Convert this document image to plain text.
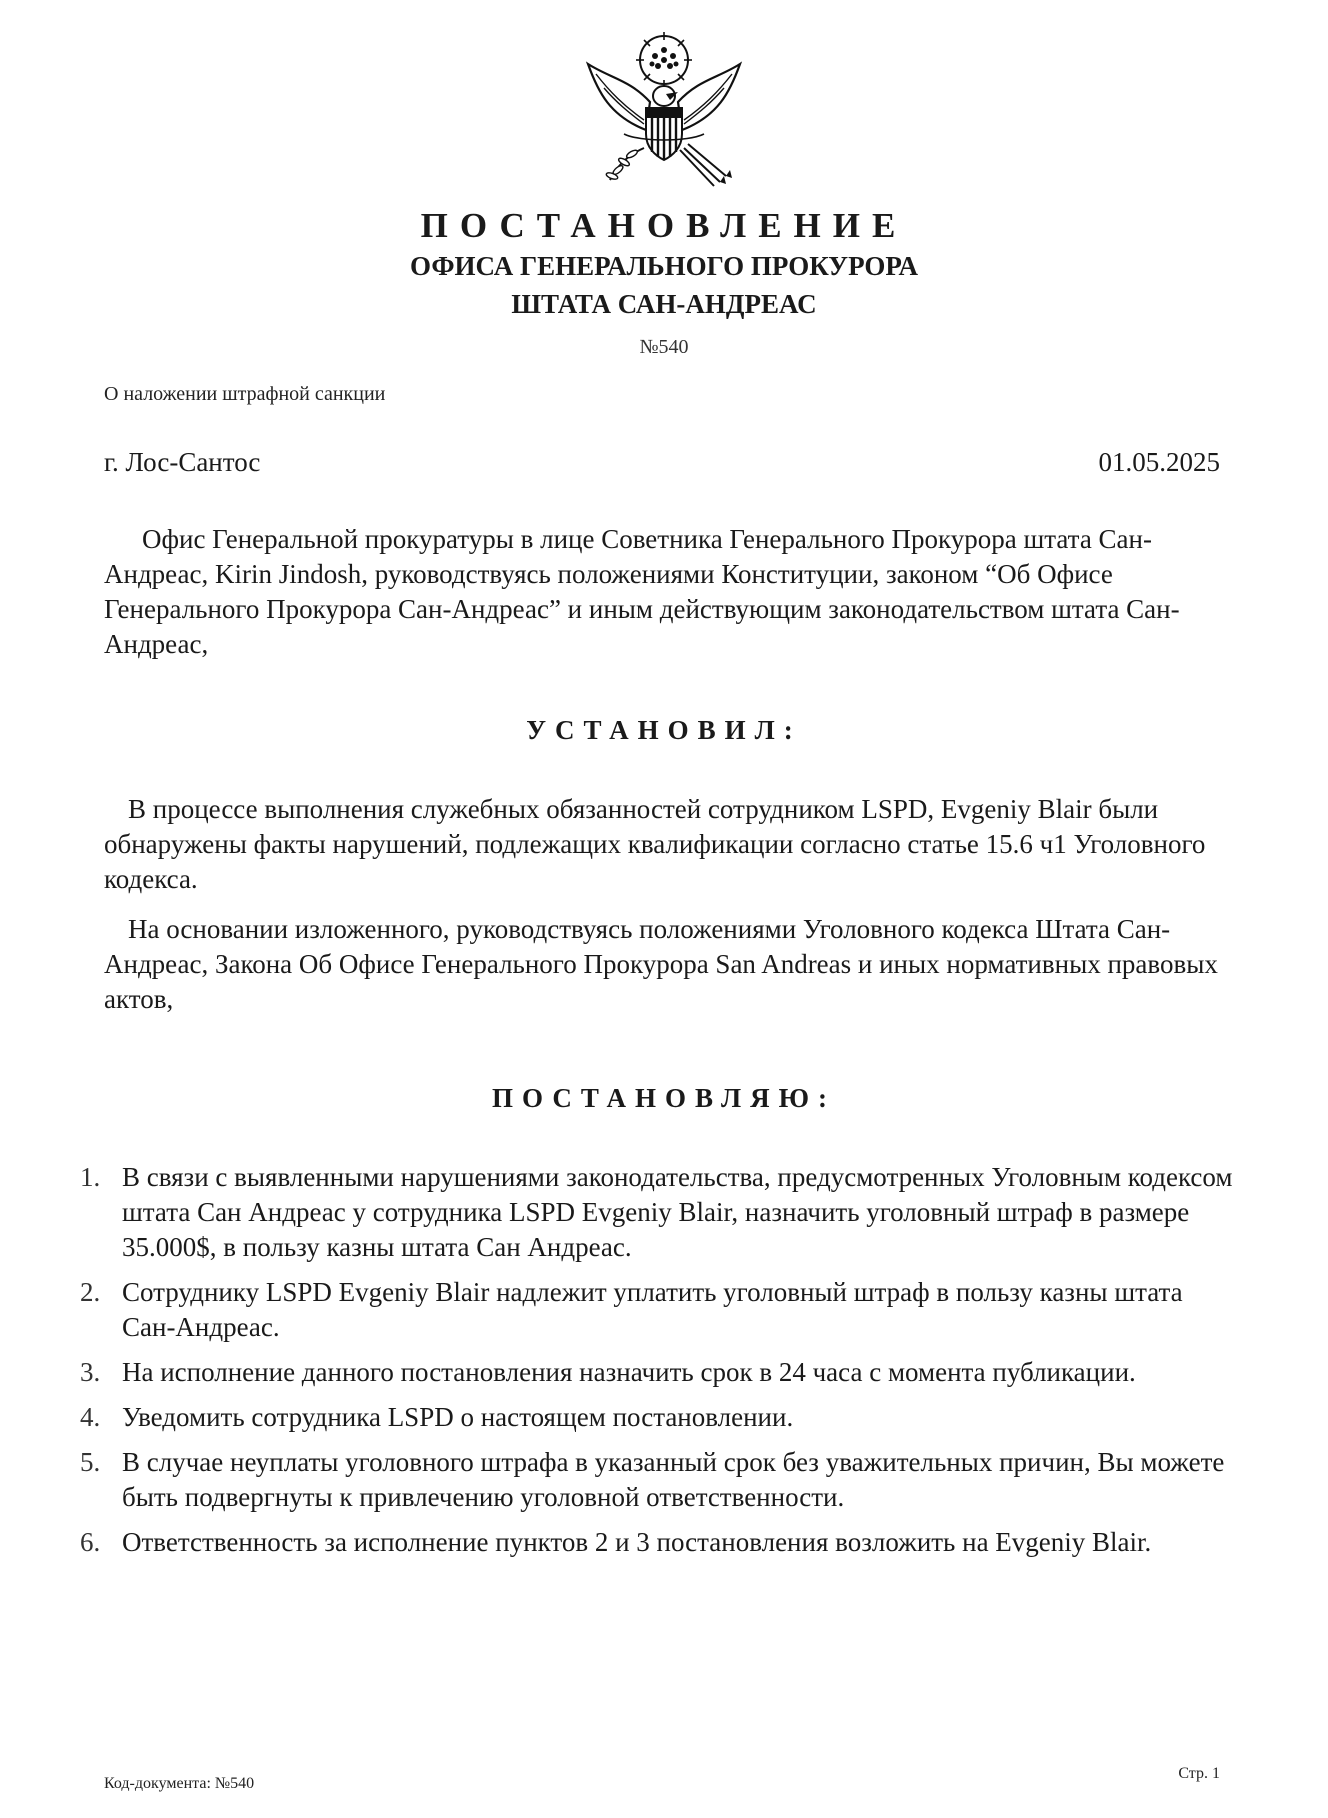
ПОСТАНОВЛЕНИЕ
ОФИСА ГЕНЕРАЛЬНОГО ПРОКУРОРА
ШТАТА САН-АНДРЕАС
№540
О наложении штрафной санкции
г. Лос-Сантос	01.05.2025

Офис Генеральной прокуратуры в лице Советника Генерального Прокурора штата Сан-Андреас, Kirin Jindosh, руководствуясь положениями Конституции, законом “Об Офисе Генерального Прокурора Сан-Андреас” и иным действующим законодательством штата Сан-Андреас,

УСТАНОВИЛ:

В процессе выполнения служебных обязанностей сотрудником LSPD, Evgeniy Blair были обнаружены факты нарушений, подлежащих квалификации согласно статье 15.6 ч1 Уголовного кодекса.

На основании изложенного, руководствуясь положениями Уголовного кодекса Штата Сан-Андреас, Закона Об Офисе Генерального Прокурора San Andreas и иных нормативных правовых актов,

ПОСТАНОВЛЯЮ:
1. В связи с выявленными нарушениями законодательства, предусмотренных Уголовным кодексом штата Сан Андреас у сотрудника LSPD Evgeniy Blair, назначить уголовный штраф в размере 35.000$, в пользу казны штата Сан Андреас.
2. Сотруднику LSPD Evgeniy Blair надлежит уплатить уголовный штраф в пользу казны штата Сан-Андреас.
3. На исполнение данного постановления назначить срок в 24 часа с момента публикации.
4. Уведомить сотрудника LSPD о настоящем постановлении.
5. В случае неуплаты уголовного штрафа в указанный срок без уважительных причин, Вы можете быть подвергнуты к привлечению уголовной ответственности.
6. Ответственность за исполнение пунктов 2 и 3 постановления возложить на Evgeniy Blair.
Код-документа: №540
Стр. 1
